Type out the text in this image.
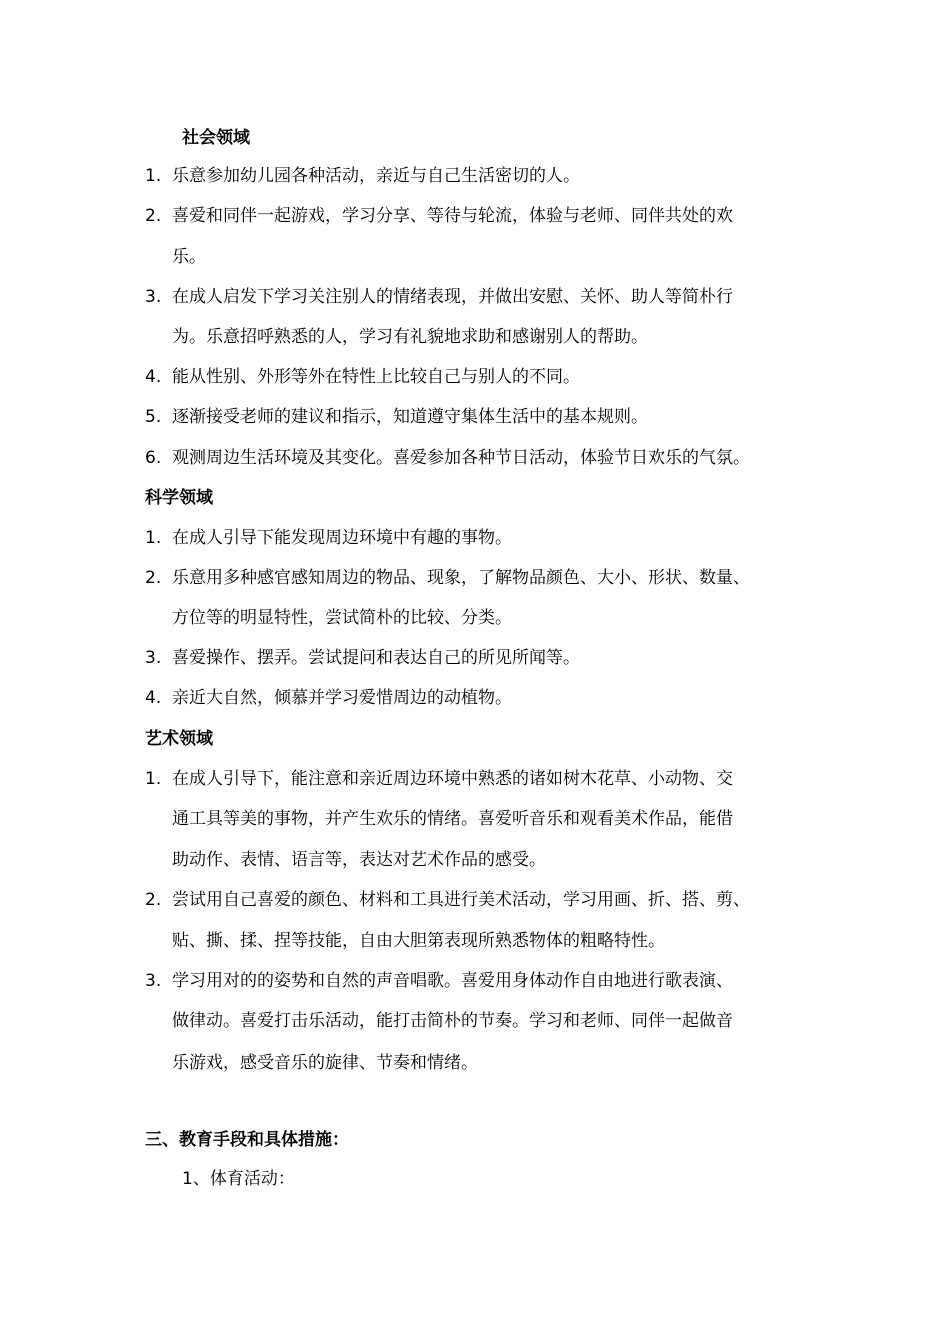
社会领域
1. 乐意参加幼儿园各种活动，亲近与自己生活密切的人。
2. 喜爱和同伴一起游戏，学习分享、等待与轮流，体验与老师、同伴共处的欢
乐。
3. 在成人启发下学习关注别人的情绪表现，并做出安慰、关怀、助人等简朴行
为。乐意招呼熟悉的人，学习有礼貌地求助和感谢别人的帮助。
4. 能从性别、外形等外在特性上比较自己与别人的不同。
5. 逐渐接受老师的建议和指示，知道遵守集体生活中的基本规则。
6. 观测周边生活环境及其变化。喜爱参加各种节日活动，体验节日欢乐的气氛。
科学领域
1. 在成人引导下能发现周边环境中有趣的事物。
2. 乐意用多种感官感知周边的物品、现象，了解物品颜色、大小、形状、数量、
方位等的明显特性，尝试简朴的比较、分类。
3. 喜爱操作、摆弄。尝试提问和表达自己的所见所闻等。
4. 亲近大自然，倾慕并学习爱惜周边的动植物。
艺术领域
1. 在成人引导下，能注意和亲近周边环境中熟悉的诸如树木花草、小动物、交
通工具等美的事物，并产生欢乐的情绪。喜爱听音乐和观看美术作品，能借
助动作、表情、语言等，表达对艺术作品的感受。
2. 尝试用自己喜爱的颜色、材料和工具进行美术活动，学习用画、折、搭、剪、
贴、撕、揉、捏等技能，自由大胆第表现所熟悉物体的粗略特性。
3. 学习用对的的姿势和自然的声音唱歌。喜爱用身体动作自由地进行歌表演、
做律动。喜爱打击乐活动，能打击简朴的节奏。学习和老师、同伴一起做音
乐游戏，感受音乐的旋律、节奏和情绪。
三、教育手段和具体措施：
1、体育活动：
